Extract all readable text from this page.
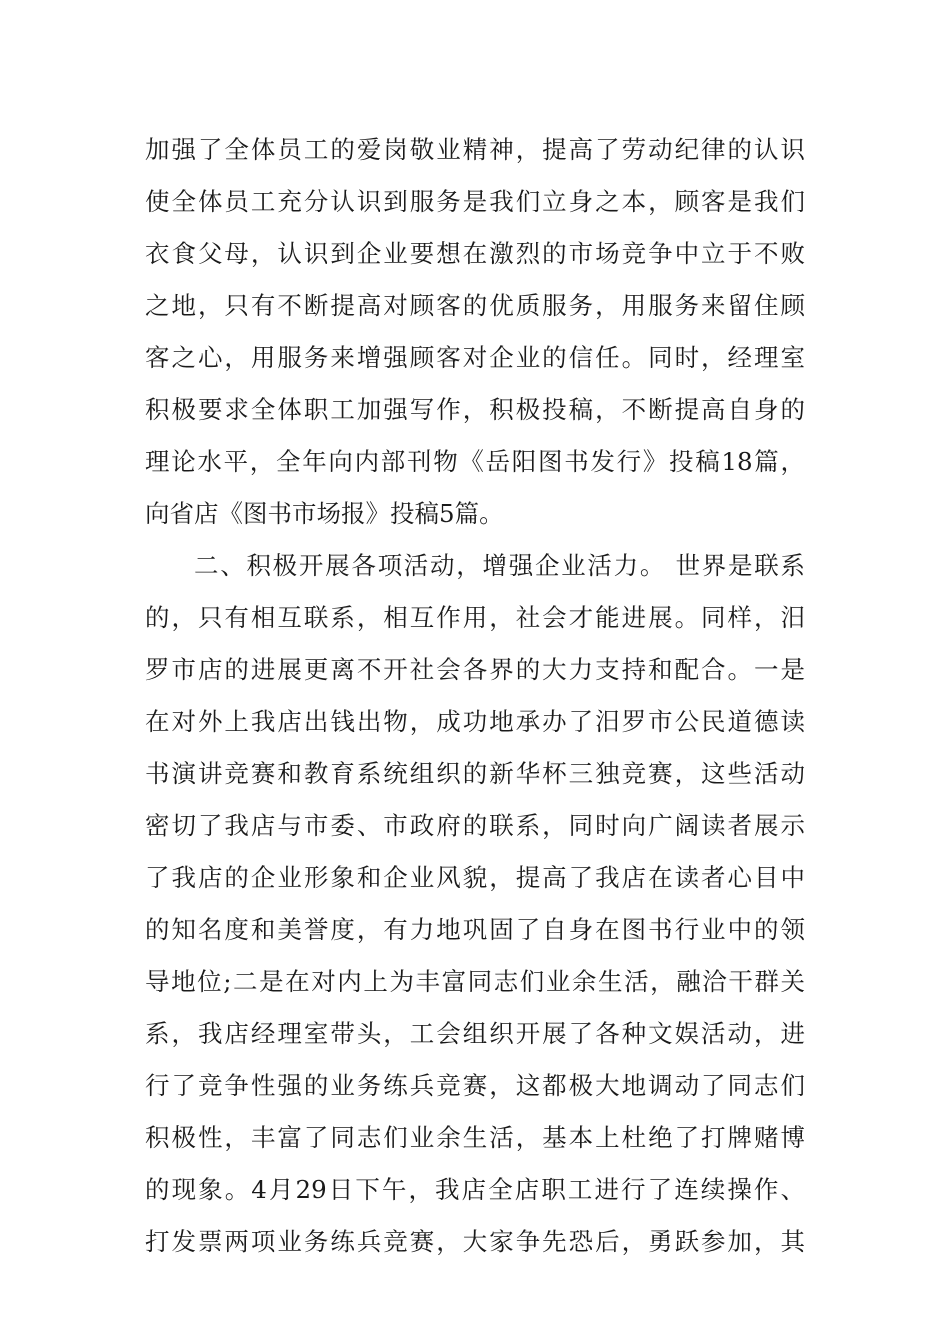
加强了全体员工的爱岗敬业精神，提高了劳动纪律的认识
使全体员工充分认识到服务是我们立身之本，顾客是我们
衣食父母，认识到企业要想在激烈的市场竞争中立于不败
之地，只有不断提高对顾客的优质服务，用服务来留住顾
客之心，用服务来增强顾客对企业的信任。同时，经理室
积极要求全体职工加强写作，积极投稿，不断提高自身的
理论水平，全年向内部刊物《岳阳图书发行》投稿18篇，
向省店《图书市场报》投稿5篇。
二、积极开展各项活动，增强企业活力。 世界是联系
的，只有相互联系，相互作用，社会才能进展。同样，汨
罗市店的进展更离不开社会各界的大力支持和配合。一是
在对外上我店出钱出物，成功地承办了汨罗市公民道德读
书演讲竞赛和教育系统组织的新华杯三独竞赛，这些活动
密切了我店与市委、市政府的联系，同时向广阔读者展示
了我店的企业形象和企业风貌，提高了我店在读者心目中
的知名度和美誉度，有力地巩固了自身在图书行业中的领
导地位;二是在对内上为丰富同志们业余生活，融洽干群关
系，我店经理室带头，工会组织开展了各种文娱活动，进
行了竞争性强的业务练兵竞赛，这都极大地调动了同志们
积极性，丰富了同志们业余生活，基本上杜绝了打牌赌博
的现象。4月29日下午，我店全店职工进行了连续操作、
打发票两项业务练兵竞赛，大家争先恐后，勇跃参加，其
